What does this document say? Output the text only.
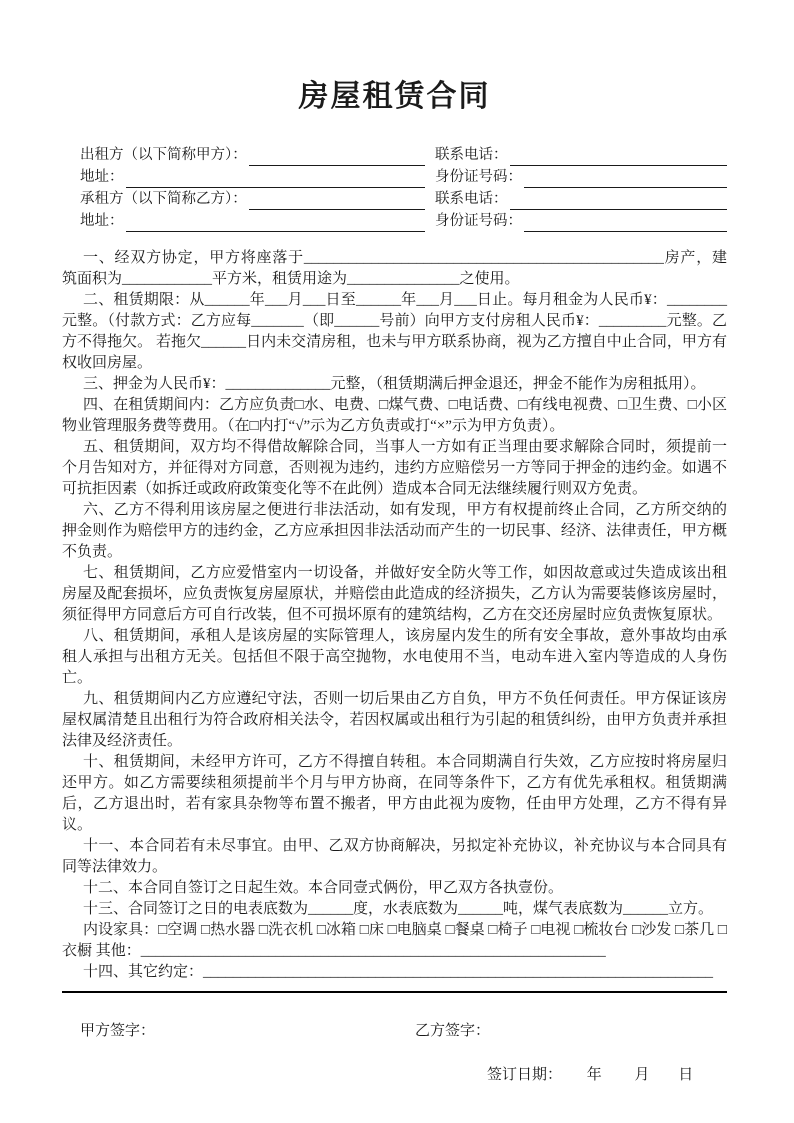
房屋租赁合同
出租方（以下简称甲方）：	联系电话：
地址：	身份证号码：
承租方（以下简称乙方）：	联系电话：
地址：	身份证号码：

一、经双方协定，甲方将座落于________________________________________________房产，建筑面积为____________平方米，租赁用途为_______________之使用。

二、租赁期限：从______年___月___日至______年___月___日止。每月租金为人民币¥：________元整。（付款方式：乙方应每_______（即______号前）向甲方支付房租人民币¥：_________元整。乙方不得拖欠。 若拖欠______日内未交清房租，也未与甲方联系协商，视为乙方擅自中止合同，甲方有权收回房屋。

三、押金为人民币¥：______________元整，（租赁期满后押金退还，押金不能作为房租抵用）。

四、在租赁期间内：乙方应负责□水、电费、□煤气费、□电话费、□有线电视费、□卫生费、□小区物业管理服务费等费用。（在□内打“√”示为乙方负责或打“×”示为甲方负责）。

五、租赁期间，双方均不得借故解除合同，当事人一方如有正当理由要求解除合同时，须提前一个月告知对方，并征得对方同意，否则视为违约，违约方应赔偿另一方等同于押金的违约金。如遇不可抗拒因素（如拆迁或政府政策变化等不在此例）造成本合同无法继续履行则双方免责。

六、乙方不得利用该房屋之便进行非法活动，如有发现，甲方有权提前终止合同，乙方所交纳的押金则作为赔偿甲方的违约金，乙方应承担因非法活动而产生的一切民事、经济、法律责任，甲方概不负责。

七、租赁期间，乙方应爱惜室内一切设备，并做好安全防火等工作，如因故意或过失造成该出租房屋及配套损坏，应负责恢复房屋原状，并赔偿由此造成的经济损失，乙方认为需要装修该房屋时，须征得甲方同意后方可自行改装，但不可损坏原有的建筑结构，乙方在交还房屋时应负责恢复原状。

八、租赁期间，承租人是该房屋的实际管理人，该房屋内发生的所有安全事故，意外事故均由承租人承担与出租方无关。包括但不限于高空抛物，水电使用不当，电动车进入室内等造成的人身伤亡。

九、租赁期间内乙方应遵纪守法，否则一切后果由乙方自负，甲方不负任何责任。甲方保证该房屋权属清楚且出租行为符合政府相关法令，若因权属或出租行为引起的租赁纠纷，由甲方负责并承担法律及经济责任。

十、租赁期间，未经甲方许可，乙方不得擅自转租。本合同期满自行失效，乙方应按时将房屋归还甲方。如乙方需要续租须提前半个月与甲方协商，在同等条件下，乙方有优先承租权。租赁期满后，乙方退出时，若有家具杂物等布置不搬者，甲方由此视为废物，任由甲方处理，乙方不得有异议。

十一、本合同若有未尽事宜。由甲、乙双方协商解决，另拟定补充协议，补充协议与本合同具有同等法律效力。

十二、本合同自签订之日起生效。本合同壹式俩份，甲乙双方各执壹份。

十三、合同签订之日的电表底数为______度，水表底数为______吨，煤气表底数为______立方。

内设家具：□空调 □热水器 □洗衣机 □冰箱 □床 □电脑桌 □餐桌 □椅子 □电视 □梳妆台 □沙发 □茶几 □衣橱 其他：______________________________________________________________

十四、其它约定：____________________________________________________________________

甲方签字：	乙方签字：
签订日期： 年 月 日
